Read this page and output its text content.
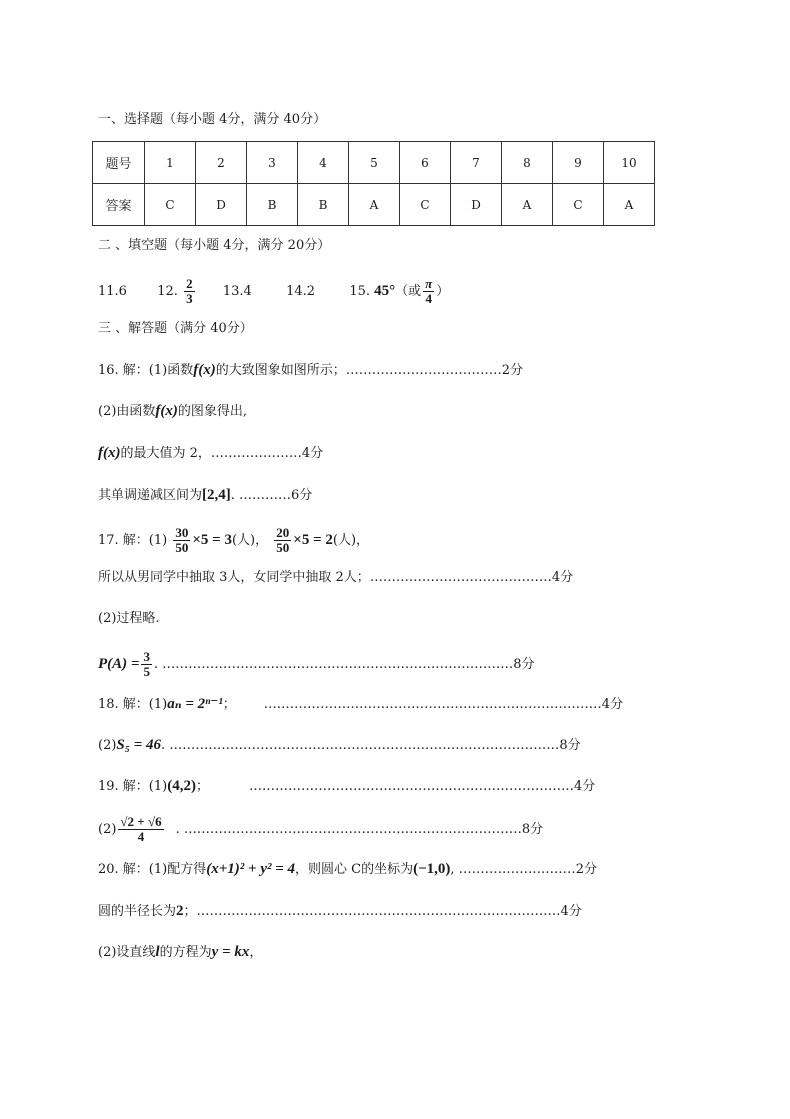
一、选择题（每小题 4分，满分 40分）
题号	1	2	3	4	5	6	7	8	9	10
答案	C	D	B	B	A	C	D	A	C	A
二 、填空题（每小题 4分，满分 20分）
11.6 12. $\frac{2}{3} 13.4$	14.2	15. 45°（或 $\frac{\pi}{4}$ ）
三 、解答题（满分 40分）
16. 解：(1)函数f(x)的大致图象如图所示；………………………………2分
(2)由函数f(x)的图象得出,
f(x)的最大值为 2，…………………4分
其单调递减区间为[2,4]. …………6分
17. 解：$(1) \frac{30}{50} \times 5 = 3$(人)， $\frac{20}{50} \times 5 = 2$(人)，
所以从男同学中抽取 3人，女同学中抽取 2人；……………………………………4分
(2)过程略.
$P(A) = \frac{3}{5}$ . ………………………………………………………………………8分
18. 解：(1)aₙ = 2ⁿ⁻¹； ……………………………………………………………………4分
(2)S₅ = 46. ………………………………………………………………………………8分
19. 解：(1)(4,2)；	…………………………………………………………………4分
$(2) \frac{√2 + √6}{4}$ . ……………………………………………………………………8分
20. 解：(1)配方得(x+1)² + y² = 4，则圆心 C的坐标为(−1,0), ………………………2分
圆的半径长为2；…………………………………………………………………………4分
(2)设直线l的方程为y = kx，
